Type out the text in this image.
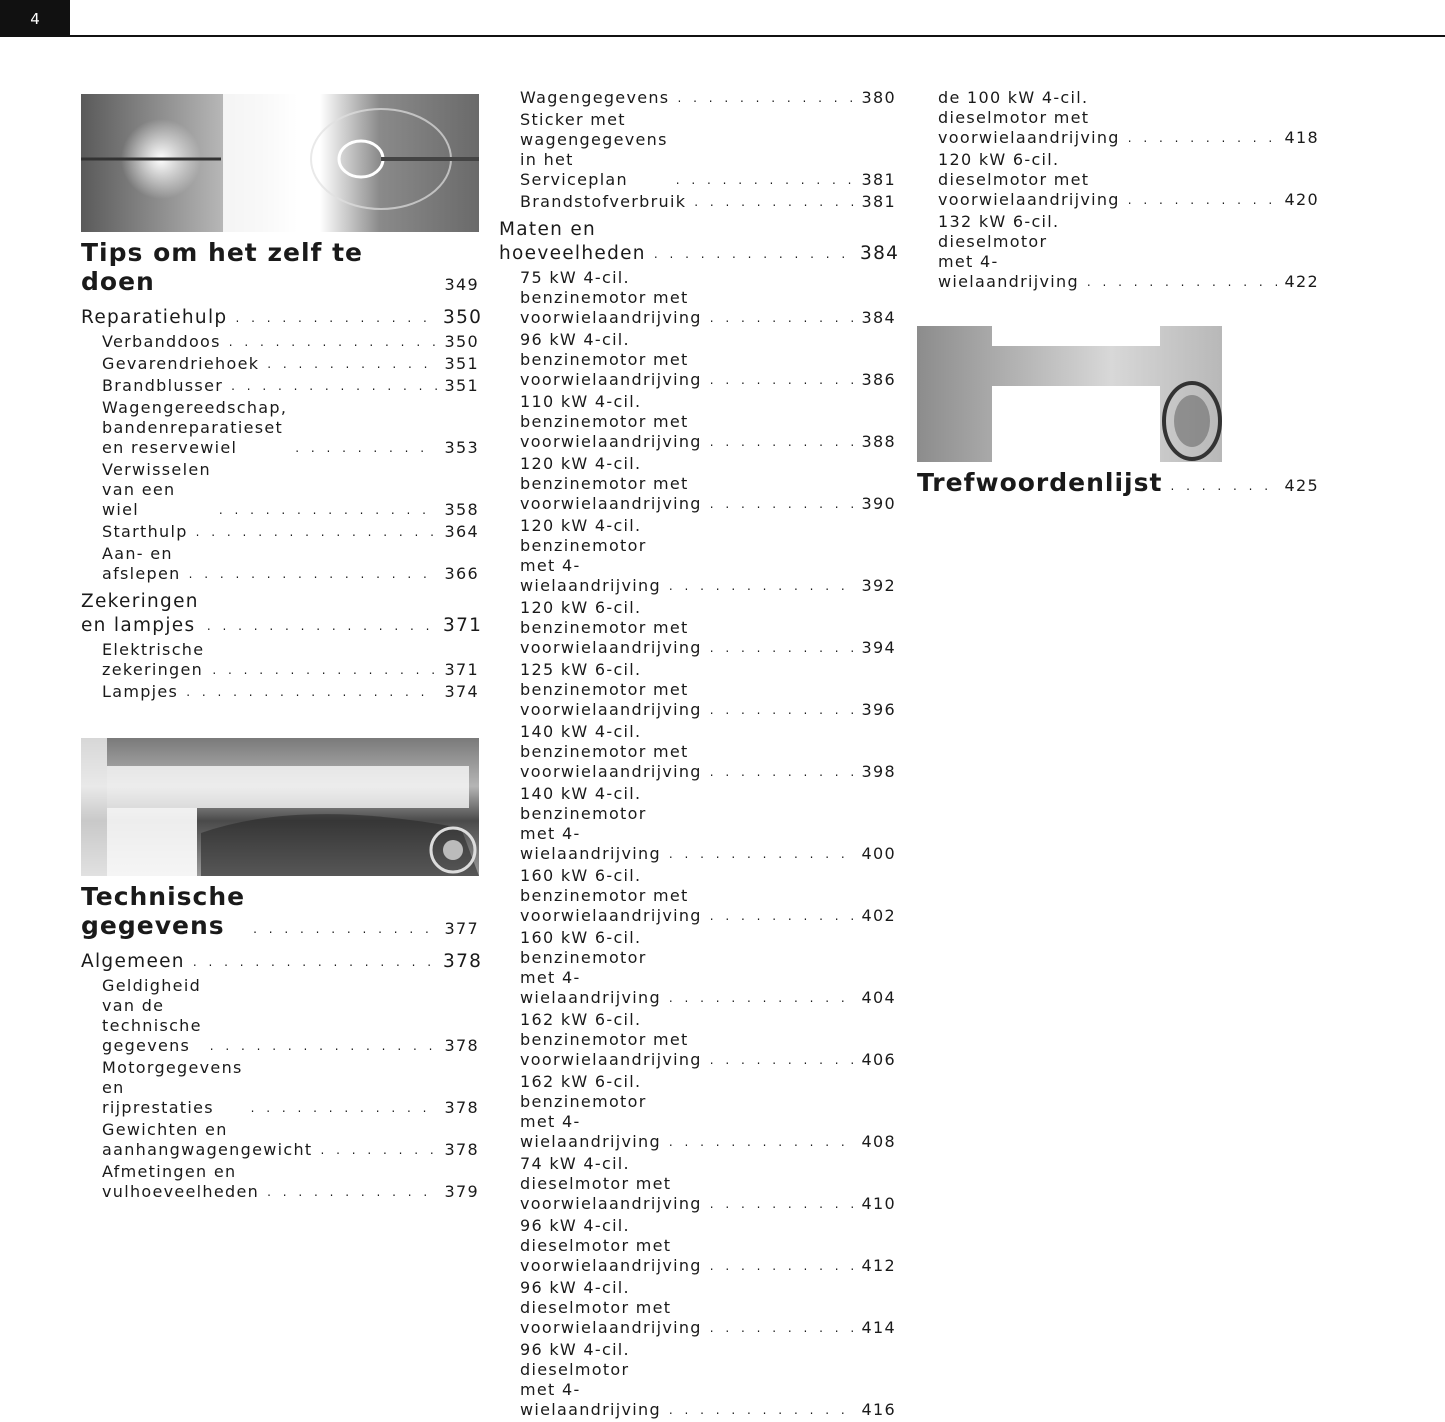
4
Tips om het zelf te doen	349
Reparatiehulp . . .	350
Verbanddoos . . .	350
Gevarendriehoek . . .	351
Brandblusser . . .	351
Wagengereedschap, bandenreparatieset en reservewiel . . .	353
Verwisselen van een wiel . . .	358
Starthulp . . .	364
Aan- en afslepen . . .	366
Zekeringen en lampjes . . .	371
Elektrische zekeringen . . .	371
Lampjes . . .	374
Technische gegevens . . .	377
Algemeen . . .	378
Geldigheid van de technische gegevens . . .	378
Motorgegevens en rijprestaties . . .	378
Gewichten en aanhangwagengewicht . . .	378
Afmetingen en vulhoeveelheden . . .	379
Wagengegevens . . .	380
Sticker met wagengegevens in het Serviceplan . . .	381
Brandstofverbruik . . .	381
Maten en hoeveelheden . . .	384
75 kW 4-cil. benzinemotor met voorwielaandrijving . . .	384
96 kW 4-cil. benzinemotor met voorwielaandrijving . . .	386
110 kW 4-cil. benzinemotor met voorwielaandrijving . . .	388
120 kW 4-cil. benzinemotor met voorwielaandrijving . . .	390
120 kW 4-cil. benzinemotor met 4-wielaandrijving . . .	392
120 kW 6-cil. benzinemotor met voorwielaandrijving . . .	394
125 kW 6-cil. benzinemotor met voorwielaandrijving . . .	396
140 kW 4-cil. benzinemotor met voorwielaandrijving . . .	398
140 kW 4-cil. benzinemotor met 4-wielaandrijving . . .	400
160 kW 6-cil. benzinemotor met voorwielaandrijving . . .	402
160 kW 6-cil. benzinemotor met 4-wielaandrijving . . .	404
162 kW 6-cil. benzinemotor met voorwielaandrijving . . .	406
162 kW 6-cil. benzinemotor met 4-wielaandrijving . . .	408
74 kW 4-cil. dieselmotor met voorwielaandrijving . . .	410
96 kW 4-cil. dieselmotor met voorwielaandrijving . . .	412
96 kW 4-cil. dieselmotor met voorwielaandrijving . . .	414
96 kW 4-cil. dieselmotor met 4-wielaandrijving . . .	416
de 100 kW 4-cil. dieselmotor met voorwielaandrijving . . .	418
120 kW 6-cil. dieselmotor met voorwielaandrijving . . .	420
132 kW 6-cil. dieselmotor met 4-wielaandrijving . . .	422
Trefwoordenlijst . . .	425
